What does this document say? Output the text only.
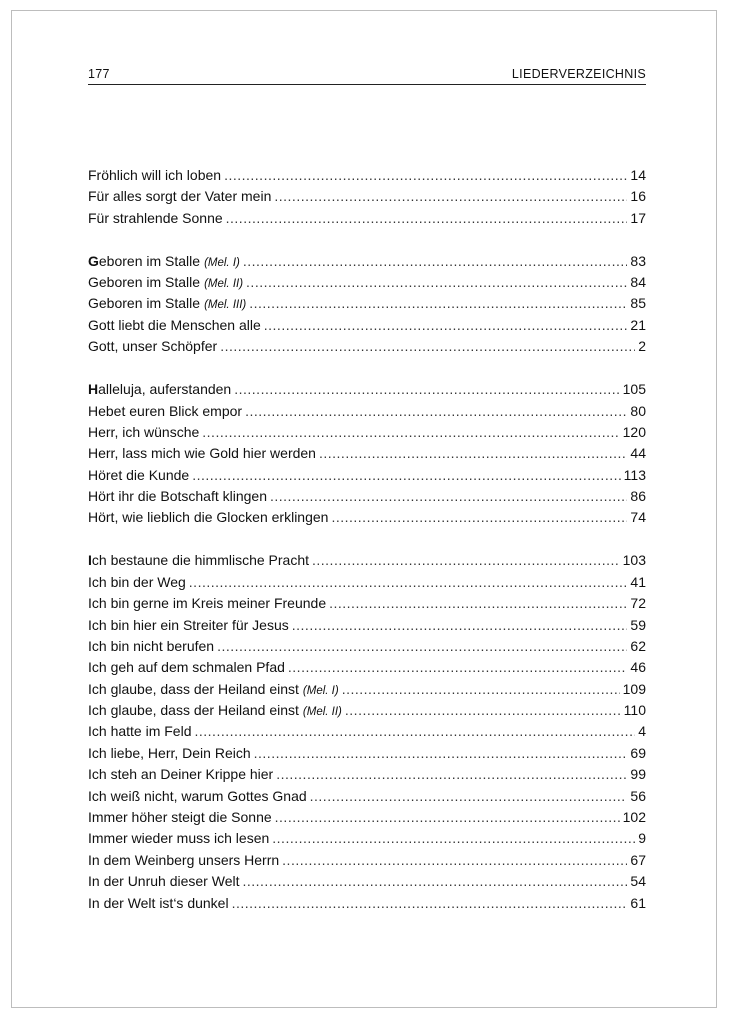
177	LIEDERVERZEICHNIS
Fröhlich will ich loben .....	14
Für alles sorgt der Vater mein .....	16
Für strahlende Sonne .....	17
Geboren im Stalle (Mel. I) .....	83
Geboren im Stalle (Mel. II) .....	84
Geboren im Stalle (Mel. III) .....	85
Gott liebt die Menschen alle .....	21
Gott, unser Schöpfer .....	2
Halleluja, auferstanden .....	105
Hebet euren Blick empor .....	80
Herr, ich wünsche .....	120
Herr, lass mich wie Gold hier werden .....	44
Höret die Kunde .....	113
Hört ihr die Botschaft klingen .....	86
Hört, wie lieblich die Glocken erklingen .....	74
Ich bestaune die himmlische Pracht .....	103
Ich bin der Weg .....	41
Ich bin gerne im Kreis meiner Freunde .....	72
Ich bin hier ein Streiter für Jesus .....	59
Ich bin nicht berufen .....	62
Ich geh auf dem schmalen Pfad .....	46
Ich glaube, dass der Heiland einst (Mel. I) .....	109
Ich glaube, dass der Heiland einst (Mel. II) .....	110
Ich hatte im Feld .....	4
Ich liebe, Herr, Dein Reich .....	69
Ich steh an Deiner Krippe hier .....	99
Ich weiß nicht, warum Gottes Gnad .....	56
Immer höher steigt die Sonne .....	102
Immer wieder muss ich lesen .....	9
In dem Weinberg unsers Herrn .....	67
In der Unruh dieser Welt .....	54
In der Welt ist‘s dunkel .....	61
